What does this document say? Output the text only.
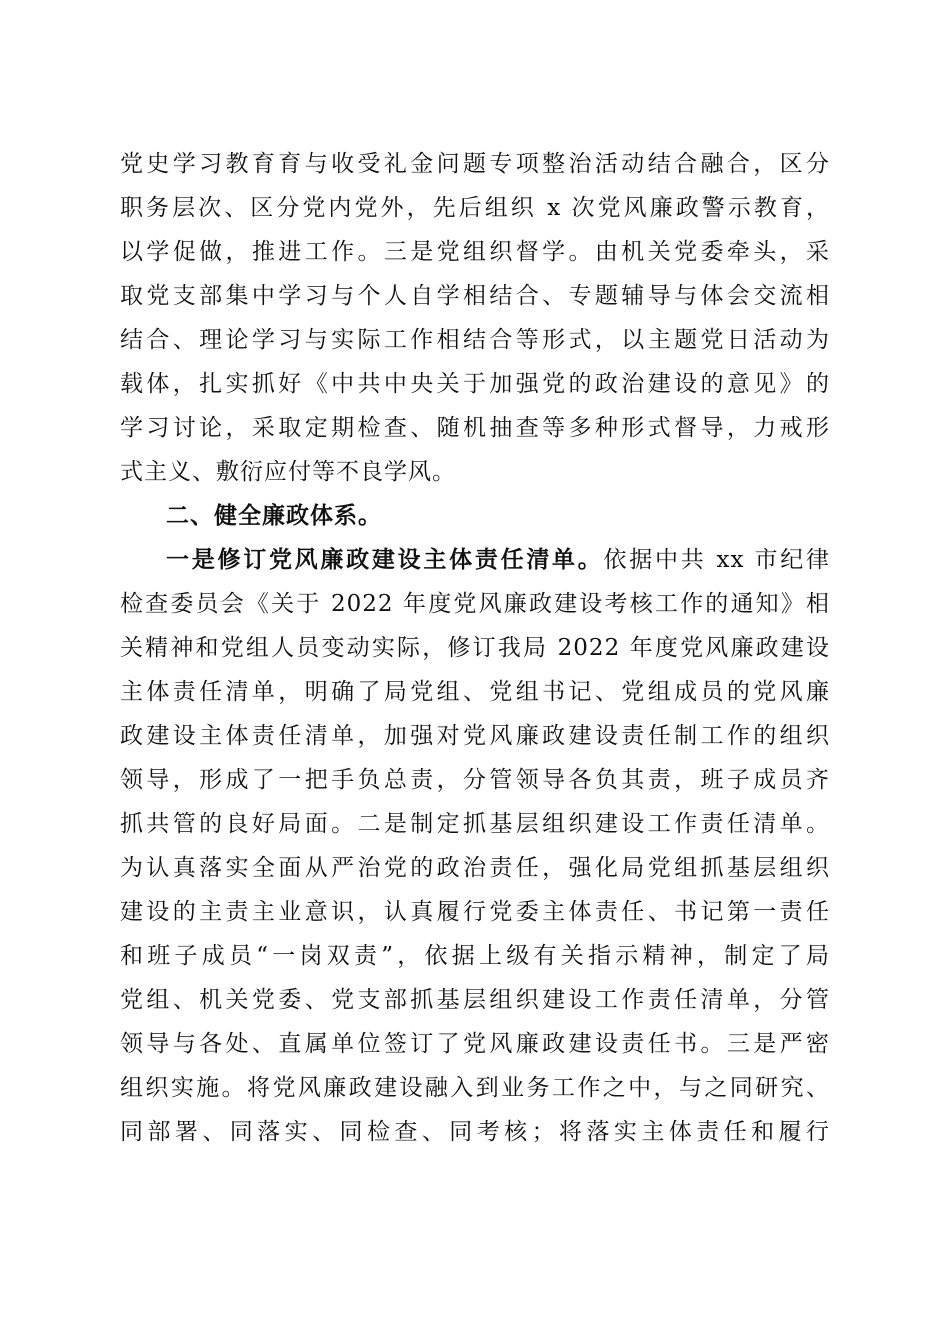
党史学习教育育与收受礼金问题专项整治活动结合融合，区分
职务层次、区分党内党外，先后组织 x 次党风廉政警示教育，
以学促做，推进工作。三是党组织督学。由机关党委牵头，采
取党支部集中学习与个人自学相结合、专题辅导与体会交流相
结合、理论学习与实际工作相结合等形式，以主题党日活动为
载体，扎实抓好《中共中央关于加强党的政治建设的意见》的
学习讨论，采取定期检查、随机抽查等多种形式督导，力戒形
式主义、敷衍应付等不良学风。
二、健全廉政体系。
一是修订党风廉政建设主体责任清单。依据中共 xx 市纪律
检查委员会《关于 2022 年度党风廉政建设考核工作的通知》相
关精神和党组人员变动实际，修订我局 2022 年度党风廉政建设
主体责任清单，明确了局党组、党组书记、党组成员的党风廉
政建设主体责任清单，加强对党风廉政建设责任制工作的组织
领导，形成了一把手负总责，分管领导各负其责，班子成员齐
抓共管的良好局面。二是制定抓基层组织建设工作责任清单。
为认真落实全面从严治党的政治责任，强化局党组抓基层组织
建设的主责主业意识，认真履行党委主体责任、书记第一责任
和班子成员“一岗双责”，依据上级有关指示精神，制定了局
党组、机关党委、党支部抓基层组织建设工作责任清单，分管
领导与各处、直属单位签订了党风廉政建设责任书。三是严密
组织实施。将党风廉政建设融入到业务工作之中，与之同研究、
同部署、同落实、同检查、同考核；将落实主体责任和履行
